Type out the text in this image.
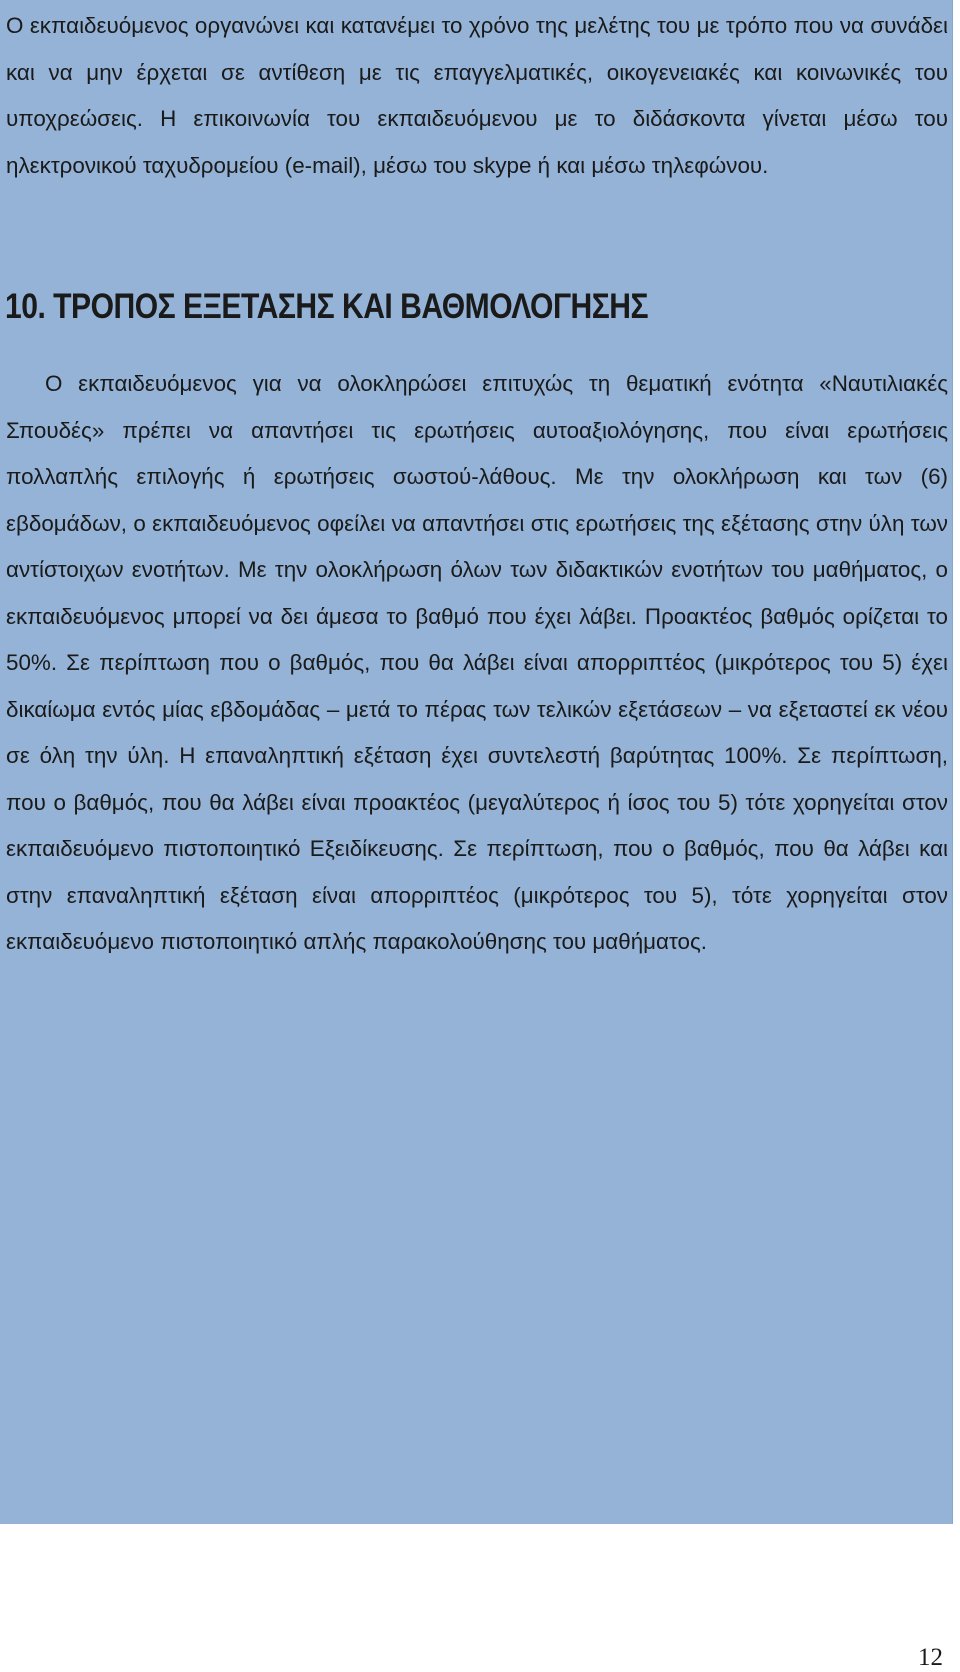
Ο εκπαιδευόμενος οργανώνει και κατανέμει το χρόνο της μελέτης του με τρόπο που να συνάδει και να μην έρχεται σε αντίθεση με τις επαγγελματικές, οικογενειακές και κοινωνικές του υποχρεώσεις. Η επικοινωνία του εκπαιδευόμενου με το διδάσκοντα γίνεται μέσω του ηλεκτρονικού ταχυδρομείου (e-mail), μέσω του skype ή και μέσω τηλεφώνου.

10. ΤΡΟΠΟΣ ΕΞΕΤΑΣΗΣ ΚΑΙ ΒΑΘΜΟΛΟΓΗΣΗΣ

Ο εκπαιδευόμενος για να ολοκληρώσει επιτυχώς τη θεματική ενότητα «Ναυτιλιακές Σπουδές» πρέπει να απαντήσει τις ερωτήσεις αυτοαξιολόγησης, που είναι ερωτήσεις πολλαπλής επιλογής ή ερωτήσεις σωστού-λάθους. Με την ολοκλήρωση και των (6) εβδομάδων, ο εκπαιδευόμενος οφείλει να απαντήσει στις ερωτήσεις της εξέτασης στην ύλη των αντίστοιχων ενοτήτων. Με την ολοκλήρωση όλων των διδακτικών ενοτήτων του μαθήματος, ο εκπαιδευόμενος μπορεί να δει άμεσα το βαθμό που έχει λάβει. Προακτέος βαθμός ορίζεται το 50%. Σε περίπτωση που ο βαθμός, που θα λάβει είναι απορριπτέος (μικρότερος του 5) έχει δικαίωμα εντός μίας εβδομάδας – μετά το πέρας των τελικών εξετάσεων – να εξεταστεί εκ νέου σε όλη την ύλη. Η επαναληπτική εξέταση έχει συντελεστή βαρύτητας 100%. Σε περίπτωση, που ο βαθμός, που θα λάβει είναι προακτέος (μεγαλύτερος ή ίσος του 5) τότε χορηγείται στον εκπαιδευόμενο πιστοποιητικό Εξειδίκευσης. Σε περίπτωση, που ο βαθμός, που θα λάβει και στην επαναληπτική εξέταση είναι απορριπτέος (μικρότερος του 5), τότε χορηγείται στον εκπαιδευόμενο πιστοποιητικό απλής παρακολούθησης του μαθήματος.

12
